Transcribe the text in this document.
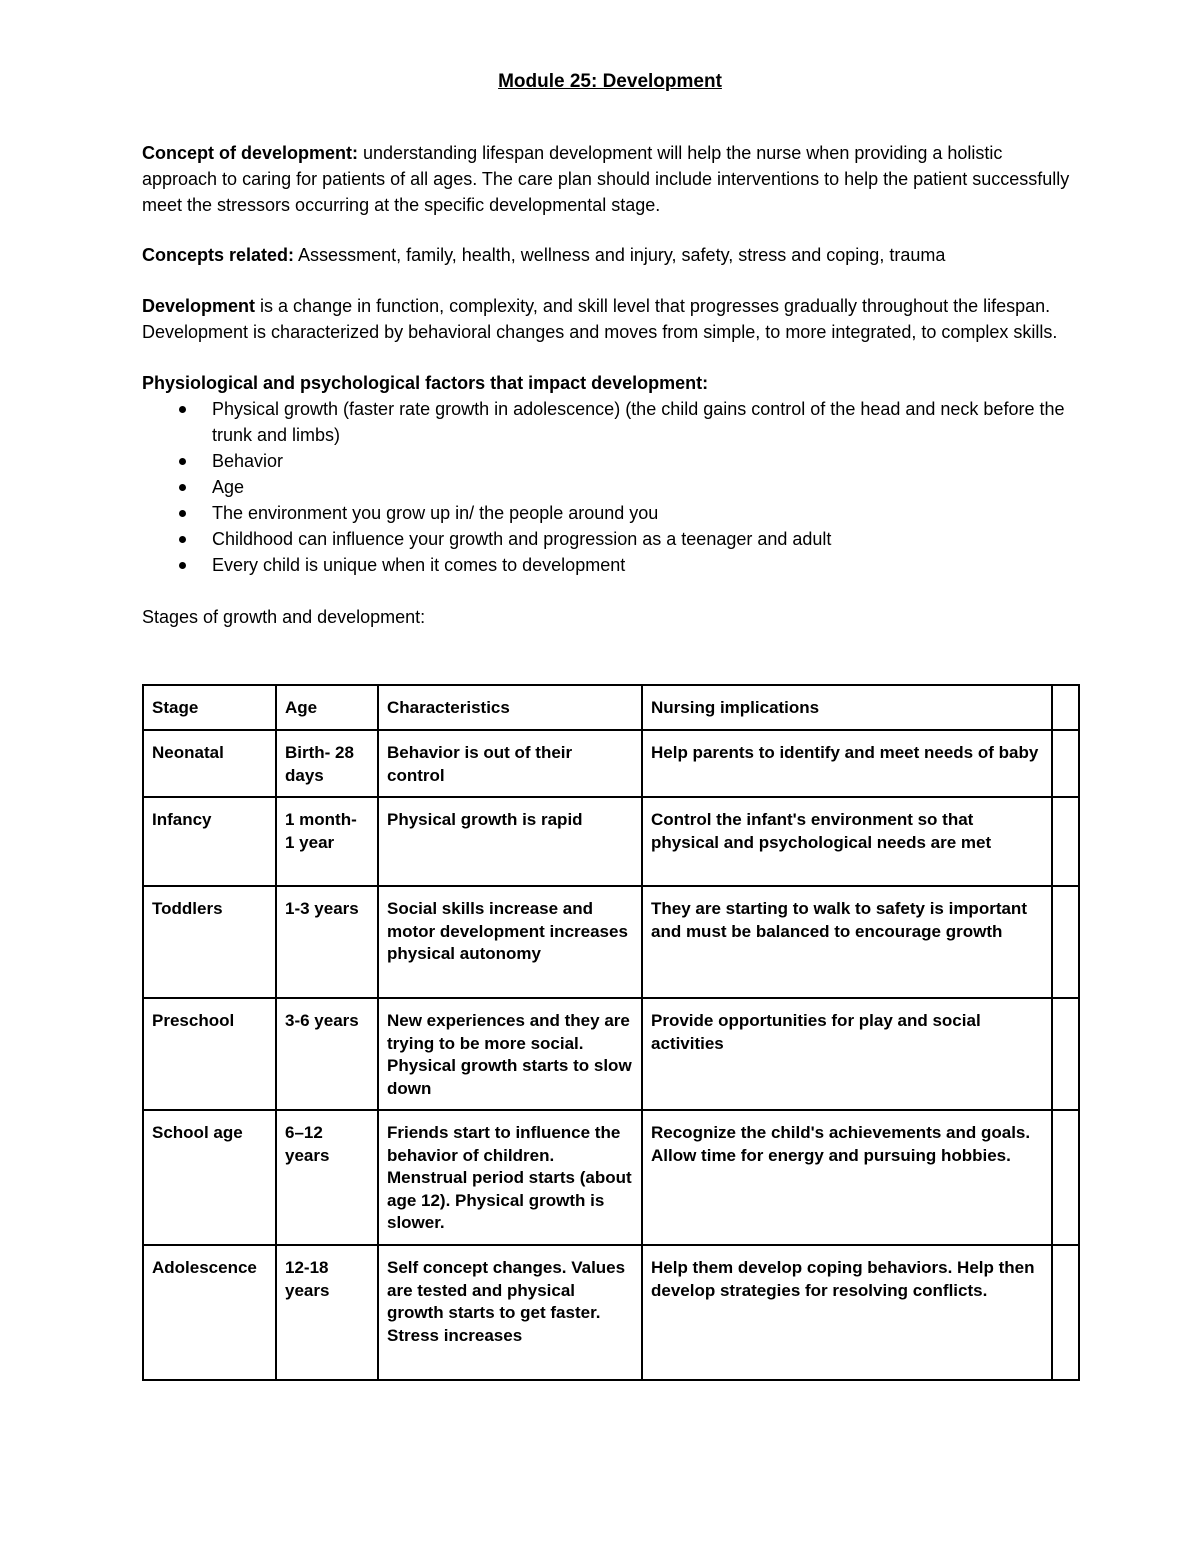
Module 25: Development

Concept of development: understanding lifespan development will help the nurse when providing a holistic approach to caring for patients of all ages. The care plan should include interventions to help the patient successfully meet the stressors occurring at the specific developmental stage.

Concepts related: Assessment, family, health, wellness and injury, safety, stress and coping, trauma

Development is a change in function, complexity, and skill level that progresses gradually throughout the lifespan. Development is characterized by behavioral changes and moves from simple, to more integrated, to complex skills.

Physiological and psychological factors that impact development:

Physical growth (faster rate growth in adolescence) (the child gains control of the head and neck before the trunk and limbs)
Behavior
Age
The environment you grow up in/ the people around you
Childhood can influence your growth and progression as a teenager and adult
Every child is unique when it comes to development

Stages of growth and development:

Stage	Age	Characteristics	Nursing implications	
Neonatal	Birth- 28 days	Behavior is out of their control	Help parents to identify and meet needs of baby	
Infancy	1 month- 1 year	Physical growth is rapid	Control the infant's environment so that physical and psychological needs are met	
Toddlers	1-3 years	Social skills increase and motor development increases physical autonomy	They are starting to walk to safety is important and must be balanced to encourage growth	
Preschool	3-6 years	New experiences and they are trying to be more social. Physical growth starts to slow down	Provide opportunities for play and social activities	
School age	6–12 years	Friends start to influence the behavior of children. Menstrual period starts (about age 12). Physical growth is slower.	Recognize the child's achievements and goals. Allow time for energy and pursuing hobbies.	
Adolescence	12-18 years	Self concept changes. Values are tested and physical growth starts to get faster. Stress increases	Help them develop coping behaviors. Help then develop strategies for resolving conflicts.	
